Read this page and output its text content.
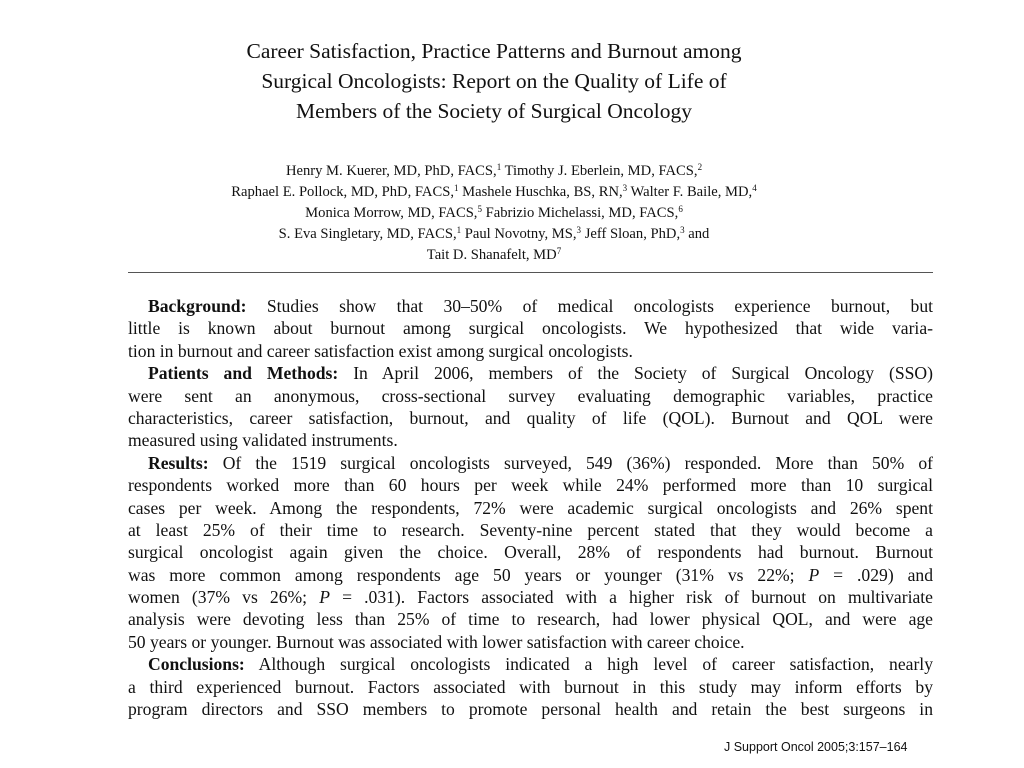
Career Satisfaction, Practice Patterns and Burnout among
Surgical Oncologists: Report on the Quality of Life of
Members of the Society of Surgical Oncology
Henry M. Kuerer, MD, PhD, FACS,$^1$ Timothy J. Eberlein, MD, FACS,$^2$
Raphael E. Pollock, MD, PhD, FACS,$^1$ Mashele Huschka, BS, RN,$^3$ Walter F. Baile, MD,$^4$
Monica Morrow, MD, FACS,$^5$ Fabrizio Michelassi, MD, FACS,$^6$
S. Eva Singletary, MD, FACS,$^1$ Paul Novotny, MS,$^3$ Jeff Sloan, PhD,$^3$ and
Tait D. Shanafelt, $MD^7$
Background: Studies show that 30–50% of medical oncologists experience burnout, but
little is known about burnout among surgical oncologists. We hypothesized that wide varia-
tion in burnout and career satisfaction exist among surgical oncologists.
Patients and Methods: In April 2006, members of the Society of Surgical Oncology (SSO)
were sent an anonymous, cross-sectional survey evaluating demographic variables, practice
characteristics, career satisfaction, burnout, and quality of life (QOL). Burnout and QOL were
measured using validated instruments.
Results: Of the 1519 surgical oncologists surveyed, 549 (36%) responded. More than 50% of
respondents worked more than 60 hours per week while 24% performed more than 10 surgical
cases per week. Among the respondents, 72% were academic surgical oncologists and 26% spent
at least 25% of their time to research. Seventy-nine percent stated that they would become a
surgical oncologist again given the choice. Overall, 28% of respondents had burnout. Burnout
was more common among respondents age 50 years or younger (31% vs 22%; P = .029) and
women (37% vs 26%; P = .031). Factors associated with a higher risk of burnout on multivariate
analysis were devoting less than 25% of time to research, had lower physical QOL, and were age
50 years or younger. Burnout was associated with lower satisfaction with career choice.
Conclusions: Although surgical oncologists indicated a high level of career satisfaction, nearly
a third experienced burnout. Factors associated with burnout in this study may inform efforts by
program directors and SSO members to promote personal health and retain the best surgeons in
J Support Oncol 2005;3:157–164
